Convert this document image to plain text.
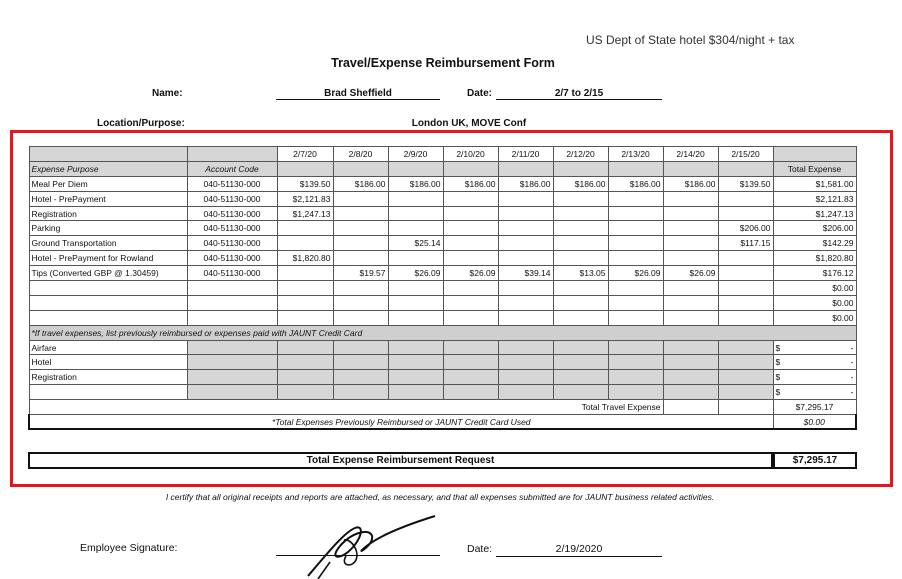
US Dept of State hotel $304/night + tax
Travel/Expense Reimbursement Form
Name:	Brad Sheffield	Date:	2/7 to 2/15
Location/Purpose:	London UK, MOVE Conf
		2/7/20	2/8/20	2/9/20	2/10/20	2/11/20	2/12/20	2/13/20	2/14/20	2/15/20	
Expense Purpose	Account Code										Total Expense
Meal Per Diem	040-51130-000	$139.50	$186.00	$186.00	$186.00	$186.00	$186.00	$186.00	$186.00	$139.50	$1,581.00
Hotel - PrePayment	040-51130-000	$2,121.83									$2,121.83
Registration	040-51130-000	$1,247.13									$1,247.13
Parking	040-51130-000									$206.00	$206.00
Ground Transportation	040-51130-000			$25.14						$117.15	$142.29
Hotel - PrePayment for Rowland	040-51130-000	$1,820.80									$1,820.80
Tips (Converted GBP @ 1.30459)	040-51130-000		$19.57	$26.09	$26.09	$39.14	$13.05	$26.09	$26.09		$176.12
											$0.00
											$0.00
											$0.00
*If travel expenses, list previously reimbursed or expenses paid with JAUNT Credit Card											
Airfare											$ -

Hotel											$ -

Registration											$ -

											$ -

Total Travel Expense											$7,295.17
*Total Expenses Previously Reimbursed or JAUNT Credit Card Used											$0.00
Total Expense Reimbursement Request	$7,295.17
I certify that all original receipts and reports are attached, as necessary, and that all expenses submitted are for JAUNT business related activities.
Employee Signature:	Date:	2/19/2020
